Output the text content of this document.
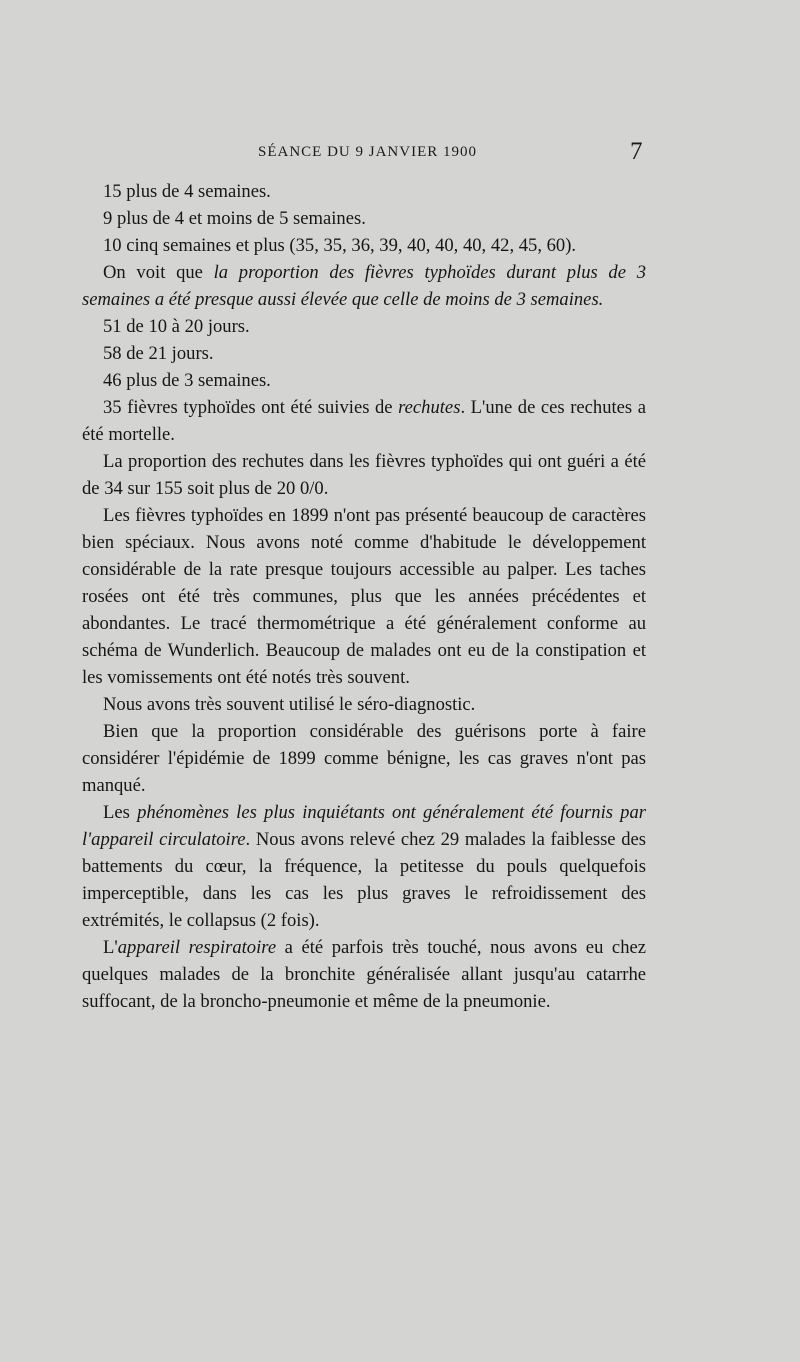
SÉANCE DU 9 JANVIER 1900	7

15 plus de 4 semaines.

9 plus de 4 et moins de 5 semaines.

10 cinq semaines et plus (35, 35, 36, 39, 40, 40, 40, 42, 45, 60).

On voit que la proportion des fièvres typhoïdes durant plus de 3 semaines a été presque aussi élevée que celle de moins de 3 semaines.

51 de 10 à 20 jours.

58 de 21 jours.

46 plus de 3 semaines.

35 fièvres typhoïdes ont été suivies de rechutes. L'une de ces rechutes a été mortelle.

La proportion des rechutes dans les fièvres typhoïdes qui ont guéri a été de 34 sur 155 soit plus de 20 0/0.

Les fièvres typhoïdes en 1899 n'ont pas présenté beaucoup de caractères bien spéciaux. Nous avons noté comme d'habitude le développement considérable de la rate presque toujours accessible au palper. Les taches rosées ont été très communes, plus que les années précédentes et abondantes. Le tracé thermométrique a été généralement conforme au schéma de Wunderlich. Beaucoup de malades ont eu de la constipation et les vomissements ont été notés très souvent.

Nous avons très souvent utilisé le séro-diagnostic.

Bien que la proportion considérable des guérisons porte à faire considérer l'épidémie de 1899 comme bénigne, les cas graves n'ont pas manqué.

Les phénomènes les plus inquiétants ont généralement été fournis par l'appareil circulatoire. Nous avons relevé chez 29 malades la faiblesse des battements du cœur, la fréquence, la petitesse du pouls quelquefois imperceptible, dans les cas les plus graves le refroidissement des extrémités, le collapsus (2 fois).

L'appareil respiratoire a été parfois très touché, nous avons eu chez quelques malades de la bronchite généralisée allant jusqu'au catarrhe suffocant, de la broncho-pneumonie et même de la pneumonie.
